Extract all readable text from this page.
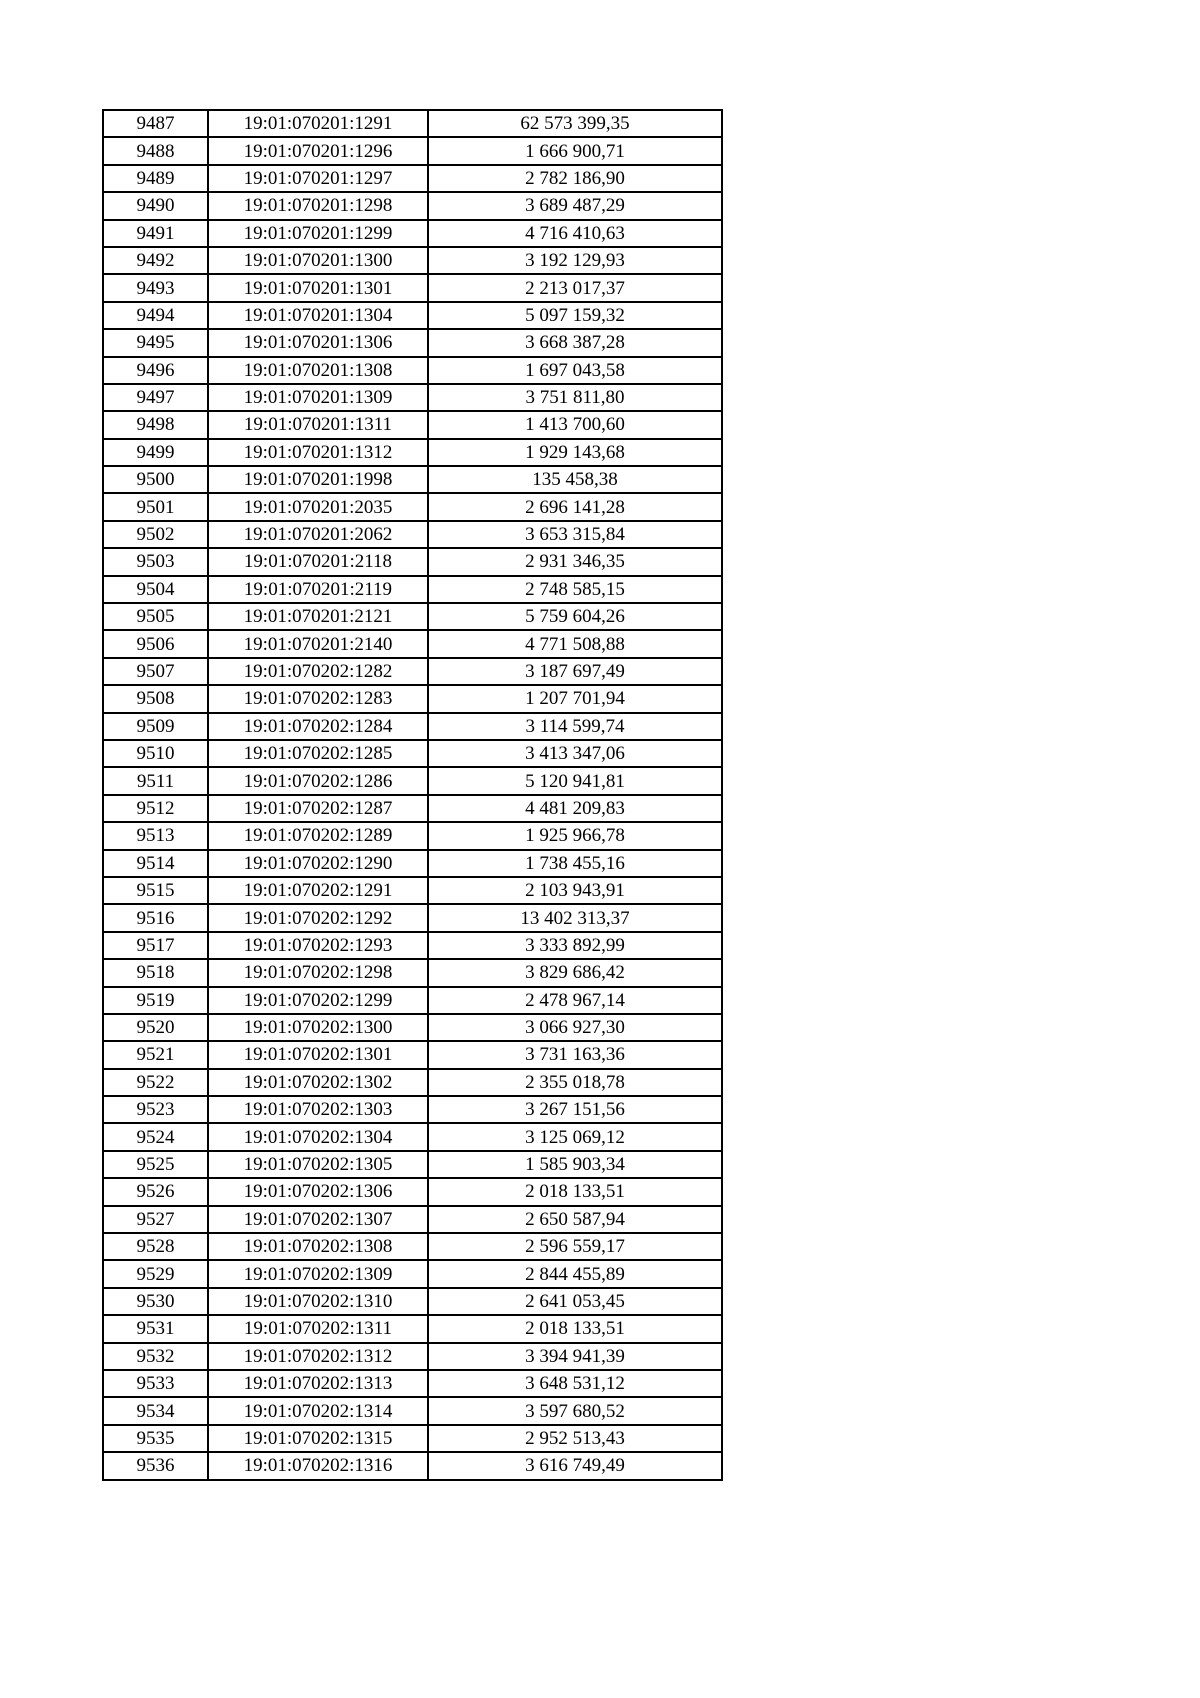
9487	19:01:070201:1291	62 573 399,35
9488	19:01:070201:1296	1 666 900,71
9489	19:01:070201:1297	2 782 186,90
9490	19:01:070201:1298	3 689 487,29
9491	19:01:070201:1299	4 716 410,63
9492	19:01:070201:1300	3 192 129,93
9493	19:01:070201:1301	2 213 017,37
9494	19:01:070201:1304	5 097 159,32
9495	19:01:070201:1306	3 668 387,28
9496	19:01:070201:1308	1 697 043,58
9497	19:01:070201:1309	3 751 811,80
9498	19:01:070201:1311	1 413 700,60
9499	19:01:070201:1312	1 929 143,68
9500	19:01:070201:1998	135 458,38
9501	19:01:070201:2035	2 696 141,28
9502	19:01:070201:2062	3 653 315,84
9503	19:01:070201:2118	2 931 346,35
9504	19:01:070201:2119	2 748 585,15
9505	19:01:070201:2121	5 759 604,26
9506	19:01:070201:2140	4 771 508,88
9507	19:01:070202:1282	3 187 697,49
9508	19:01:070202:1283	1 207 701,94
9509	19:01:070202:1284	3 114 599,74
9510	19:01:070202:1285	3 413 347,06
9511	19:01:070202:1286	5 120 941,81
9512	19:01:070202:1287	4 481 209,83
9513	19:01:070202:1289	1 925 966,78
9514	19:01:070202:1290	1 738 455,16
9515	19:01:070202:1291	2 103 943,91
9516	19:01:070202:1292	13 402 313,37
9517	19:01:070202:1293	3 333 892,99
9518	19:01:070202:1298	3 829 686,42
9519	19:01:070202:1299	2 478 967,14
9520	19:01:070202:1300	3 066 927,30
9521	19:01:070202:1301	3 731 163,36
9522	19:01:070202:1302	2 355 018,78
9523	19:01:070202:1303	3 267 151,56
9524	19:01:070202:1304	3 125 069,12
9525	19:01:070202:1305	1 585 903,34
9526	19:01:070202:1306	2 018 133,51
9527	19:01:070202:1307	2 650 587,94
9528	19:01:070202:1308	2 596 559,17
9529	19:01:070202:1309	2 844 455,89
9530	19:01:070202:1310	2 641 053,45
9531	19:01:070202:1311	2 018 133,51
9532	19:01:070202:1312	3 394 941,39
9533	19:01:070202:1313	3 648 531,12
9534	19:01:070202:1314	3 597 680,52
9535	19:01:070202:1315	2 952 513,43
9536	19:01:070202:1316	3 616 749,49
